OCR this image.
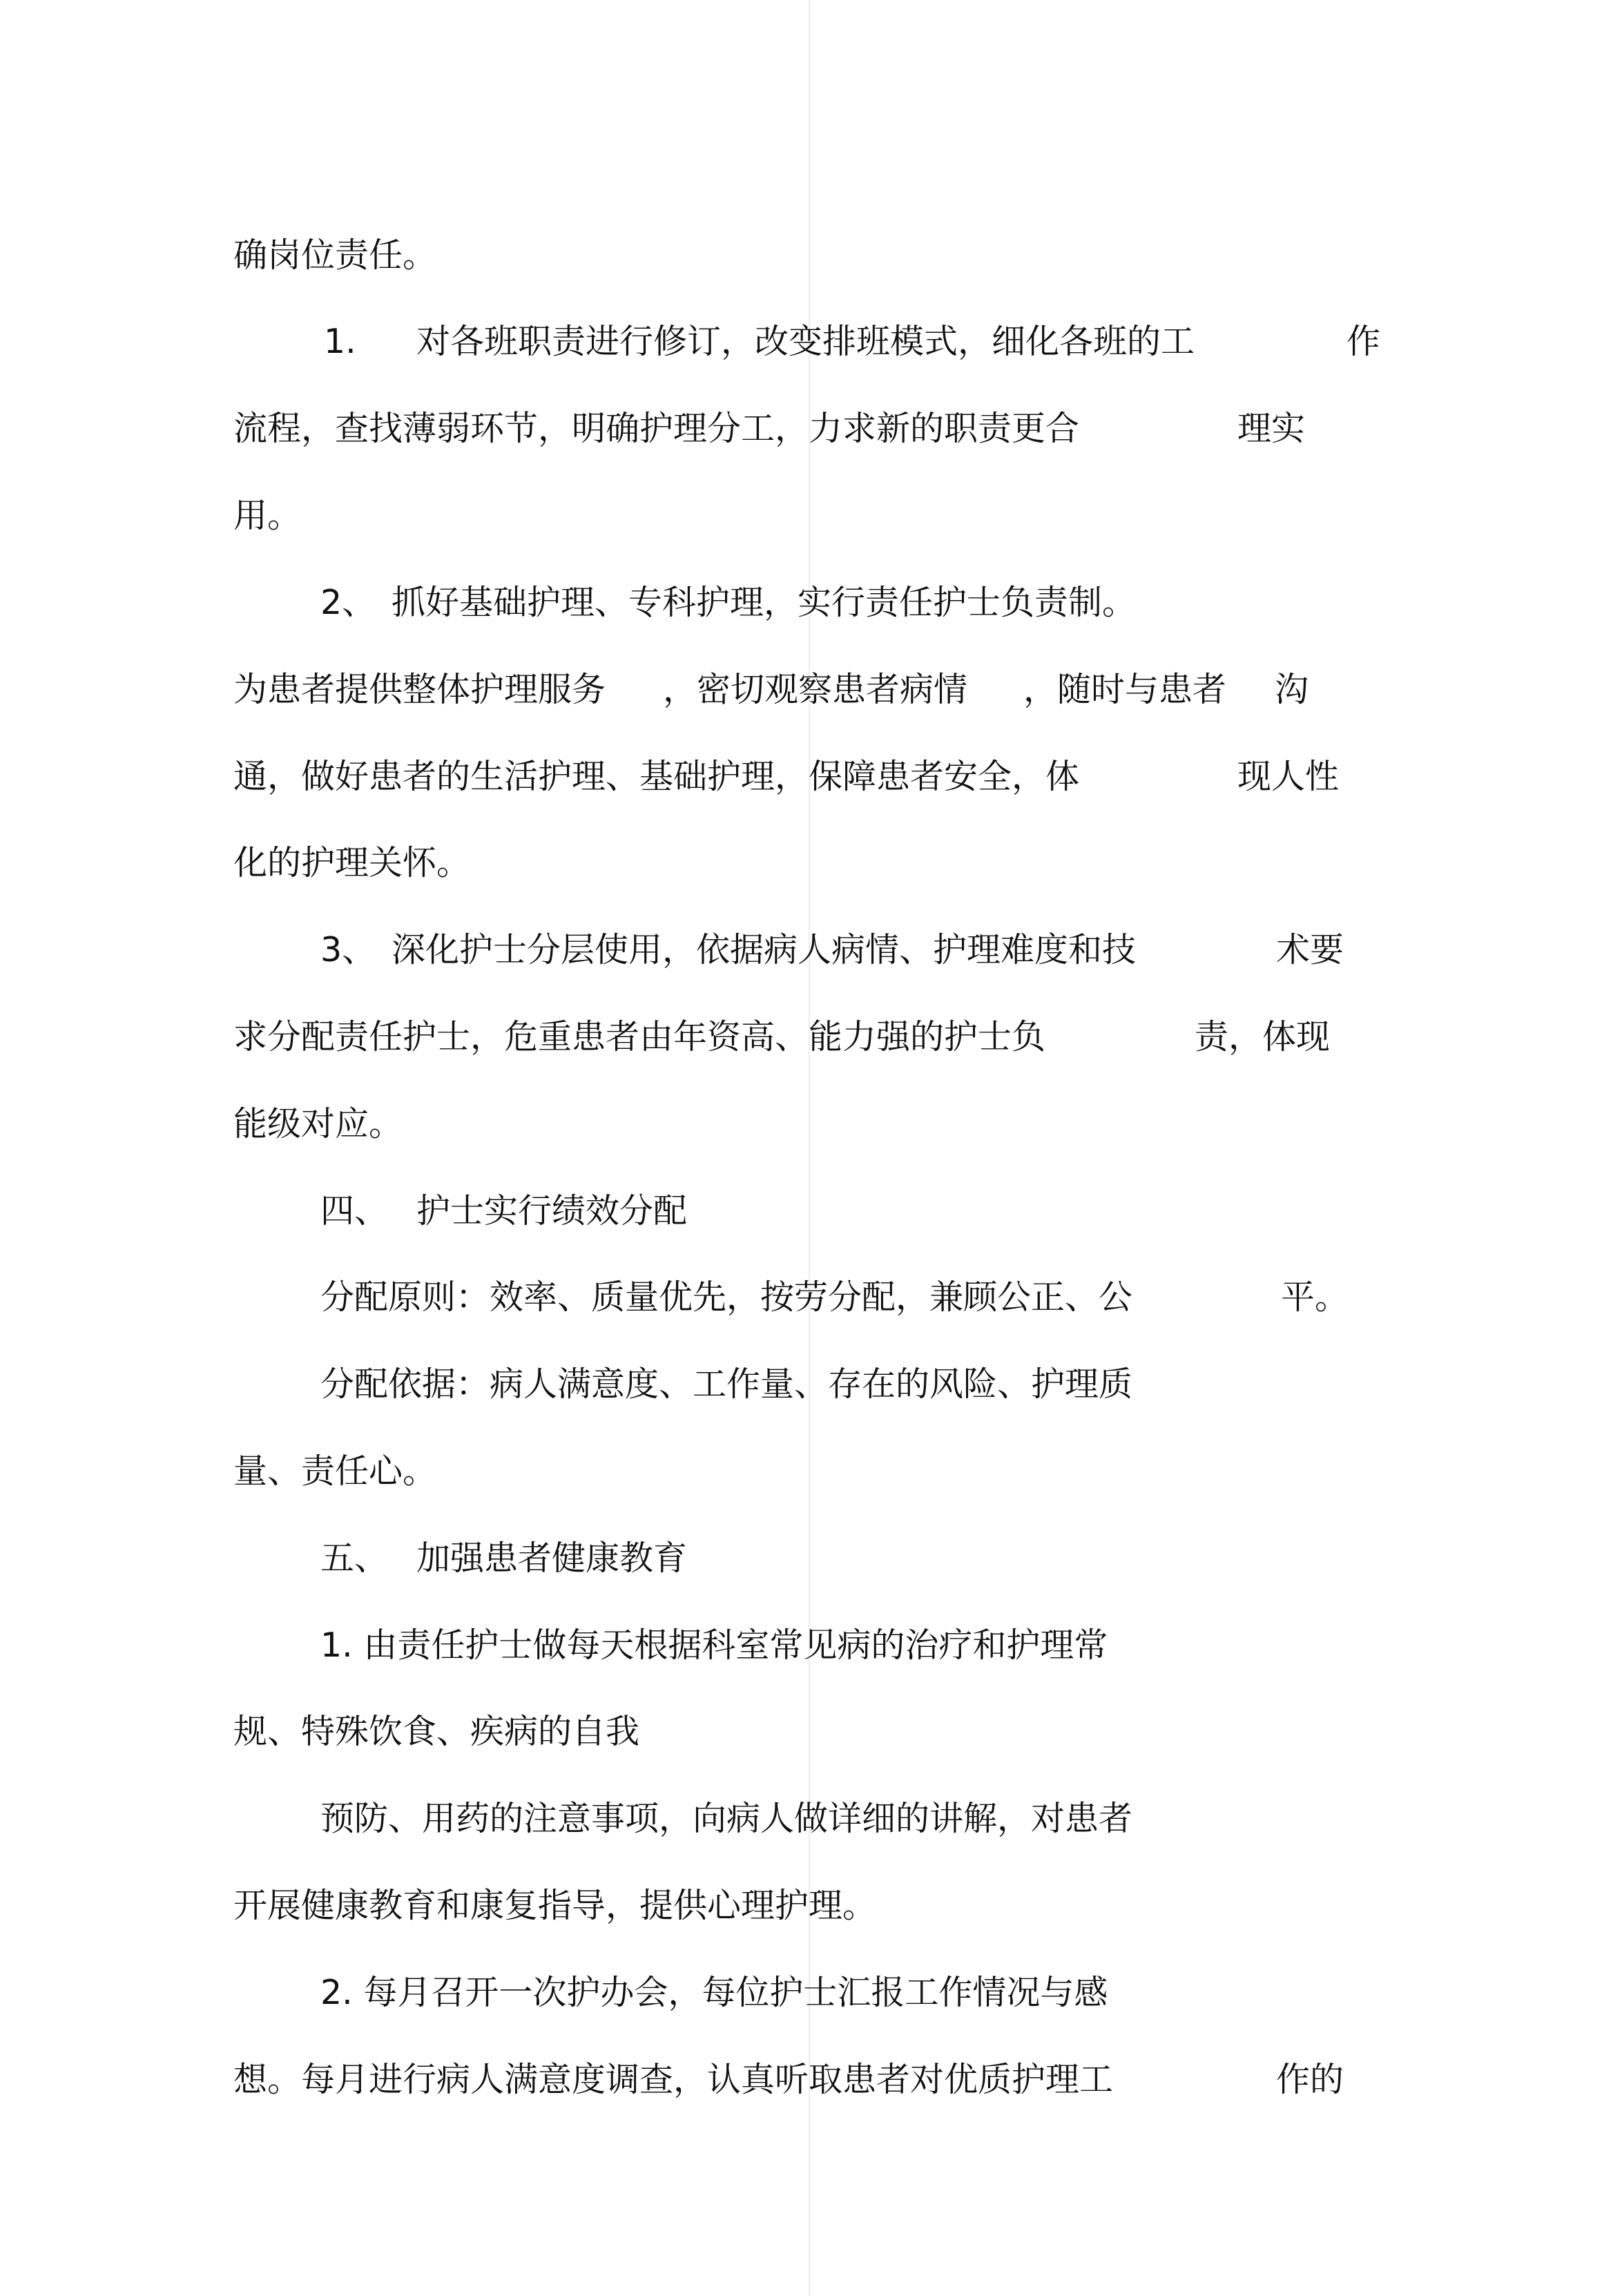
确岗位责任。
1. 对各班职责进行修订，改变排班模式，细化各班的工	作
流程，查找薄弱环节，明确护理分工，力求新的职责更合	理实
用。
2、 抓好基础护理、专科护理，实行责任护士负责制。
为患者提供整体护理服务 ，密切观察患者病情 ，随时与患者 沟
通，做好患者的生活护理、基础护理，保障患者安全，体	现人性
化的护理关怀。
3、 深化护士分层使用，依据病人病情、护理难度和技	术要
求分配责任护士，危重患者由年资高、能力强的护士负	责，体现
能级对应。
四、 护士实行绩效分配
分配原则：效率、质量优先，按劳分配，兼顾公正、公	平。
分配依据：病人满意度、工作量、存在的风险、护理质
量、责任心。
五、 加强患者健康教育
1. 由责任护士做每天根据科室常见病的治疗和护理常
规、特殊饮食、疾病的自我
预防、用药的注意事项，向病人做详细的讲解，对患者
开展健康教育和康复指导，提供心理护理。
2. 每月召开一次护办会，每位护士汇报工作情况与感
想。每月进行病人满意度调查，认真听取患者对优质护理工	作的
